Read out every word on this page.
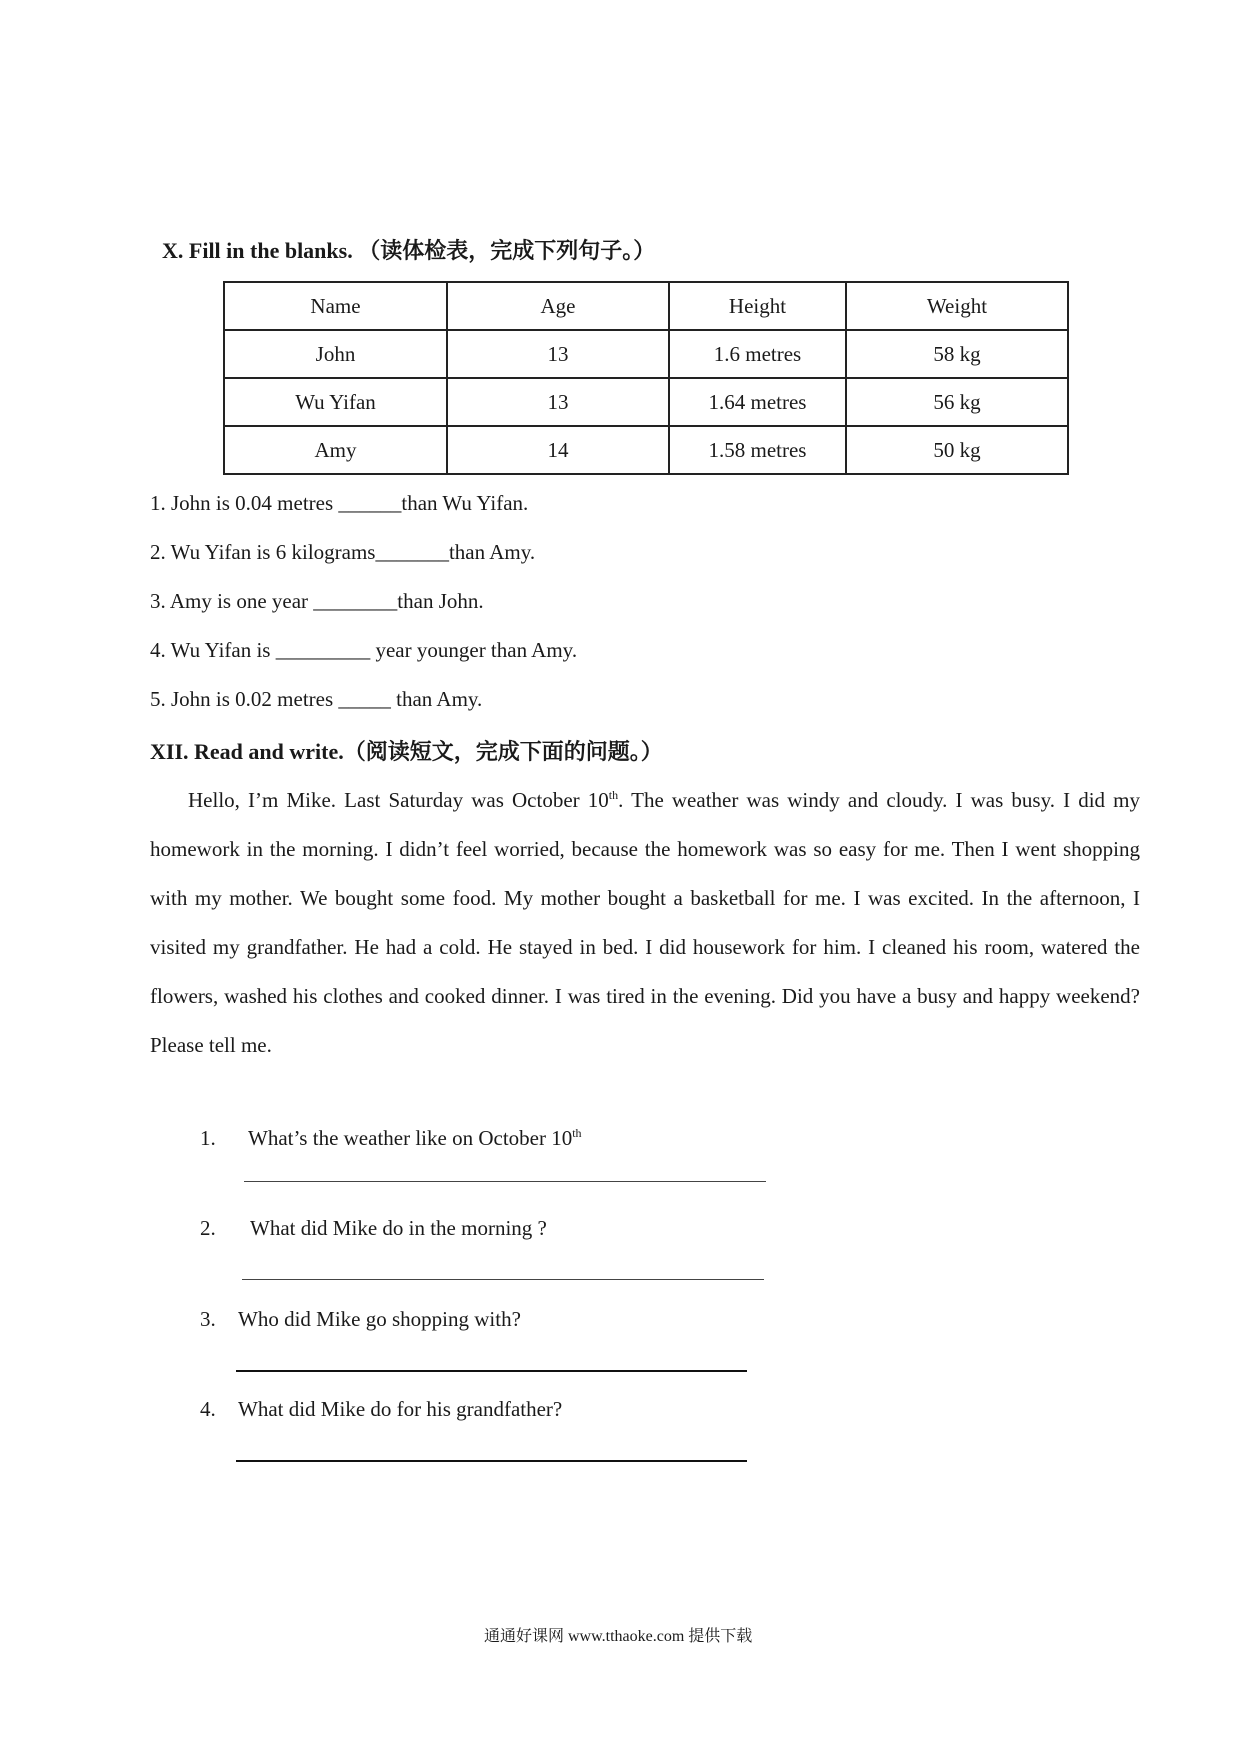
X. Fill in the blanks. （读体检表，完成下列句子。）
Name	Age	Height	Weight
John	13	1.6 metres	58 kg
Wu Yifan	13	1.64 metres	56 kg
Amy	14	1.58 metres	50 kg
1. John is 0.04 metres ______than Wu Yifan.
2. Wu Yifan is 6 kilograms_______than Amy.
3. Amy is one year ________than John.
4. Wu Yifan is _________ year younger than Amy.
5. John is 0.02 metres _____ than Amy.
XII. Read and write.（阅读短文，完成下面的问题。）
Hello, I’m Mike. Last Saturday was October 10th. The weather was windy and cloudy. I was busy. I did my homework in the morning. I didn’t feel worried, because the homework was so easy for me. Then I went shopping with my mother. We bought some food. My mother bought a basketball for me. I was excited. In the afternoon, I visited my grandfather. He had a cold. He stayed in bed. I did housework for him. I cleaned his room, watered the flowers, washed his clothes and cooked dinner. I was tired in the evening. Did you have a busy and happy weekend? Please tell me.
1. What’s the weather like on October 10th
2. What did Mike do in the morning ?
3. Who did Mike go shopping with?
4. What did Mike do for his grandfather?
通通好课网 www.tthaoke.com 提供下载
